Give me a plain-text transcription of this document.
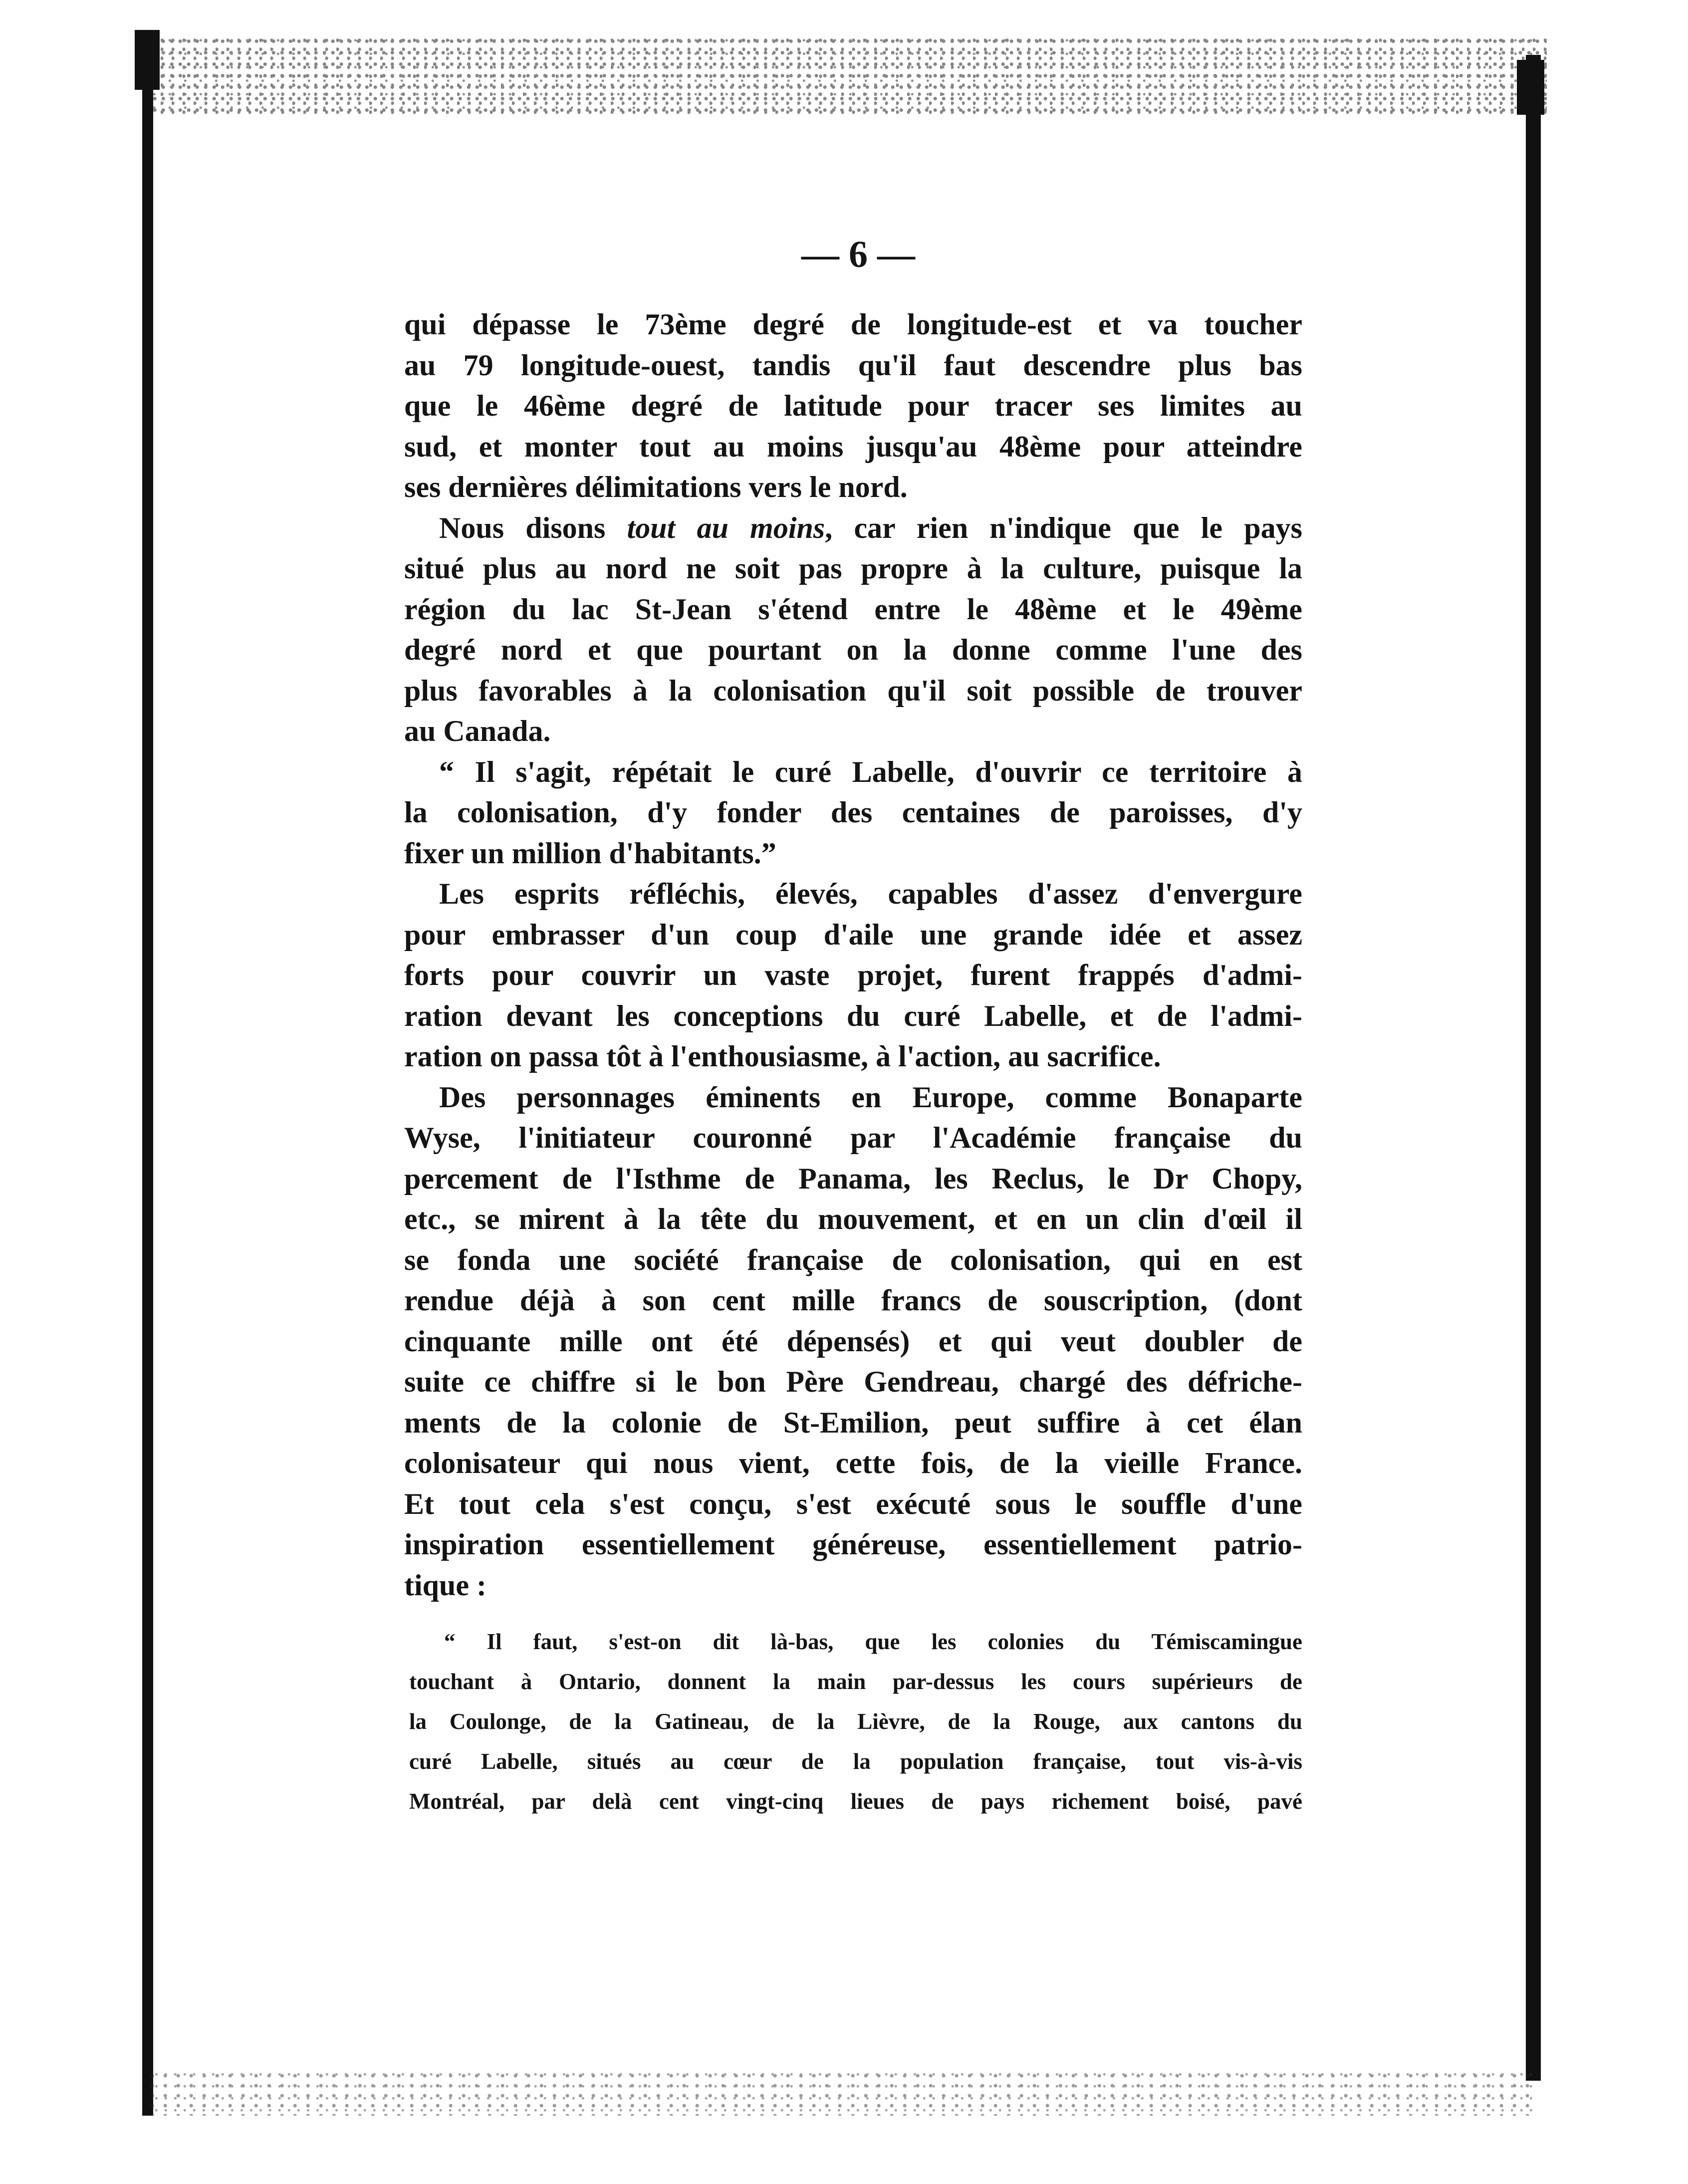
— 6 —

qui dépasse le 73ème degré de longitude-est et va toucher
au 79 longitude-ouest, tandis qu'il faut descendre plus bas
que le 46ème degré de latitude pour tracer ses limites au
sud, et monter tout au moins jusqu'au 48ème pour atteindre
ses dernières délimitations vers le nord.

Nous disons tout au moins, car rien n'indique que le pays
situé plus au nord ne soit pas propre à la culture, puisque la
région du lac St-Jean s'étend entre le 48ème et le 49ème
degré nord et que pourtant on la donne comme l'une des
plus favorables à la colonisation qu'il soit possible de trouver
au Canada.

“ Il s'agit, répétait le curé Labelle, d'ouvrir ce territoire à
la colonisation, d'y fonder des centaines de paroisses, d'y
fixer un million d'habitants.”

Les esprits réfléchis, élevés, capables d'assez d'envergure
pour embrasser d'un coup d'aile une grande idée et assez
forts pour couvrir un vaste projet, furent frappés d'admi-
ration devant les conceptions du curé Labelle, et de l'admi-
ration on passa tôt à l'enthousiasme, à l'action, au sacrifice.

Des personnages éminents en Europe, comme Bonaparte
Wyse, l'initiateur couronné par l'Académie française du
percement de l'Isthme de Panama, les Reclus, le Dr Chopy,
etc., se mirent à la tête du mouvement, et en un clin d'œil il
se fonda une société française de colonisation, qui en est
rendue déjà à son cent mille francs de souscription, (dont
cinquante mille ont été dépensés) et qui veut doubler de
suite ce chiffre si le bon Père Gendreau, chargé des défriche-
ments de la colonie de St-Emilion, peut suffire à cet élan
colonisateur qui nous vient, cette fois, de la vieille France.
Et tout cela s'est conçu, s'est exécuté sous le souffle d'une
inspiration essentiellement généreuse, essentiellement patrio-
tique :

“ Il faut, s'est-on dit là-bas, que les colonies du Témiscamingue
touchant à Ontario, donnent la main par-dessus les cours supérieurs de
la Coulonge, de la Gatineau, de la Lièvre, de la Rouge, aux cantons du
curé Labelle, situés au cœur de la population française, tout vis-à-vis
Montréal, par delà cent vingt-cinq lieues de pays richement boisé, pavé
